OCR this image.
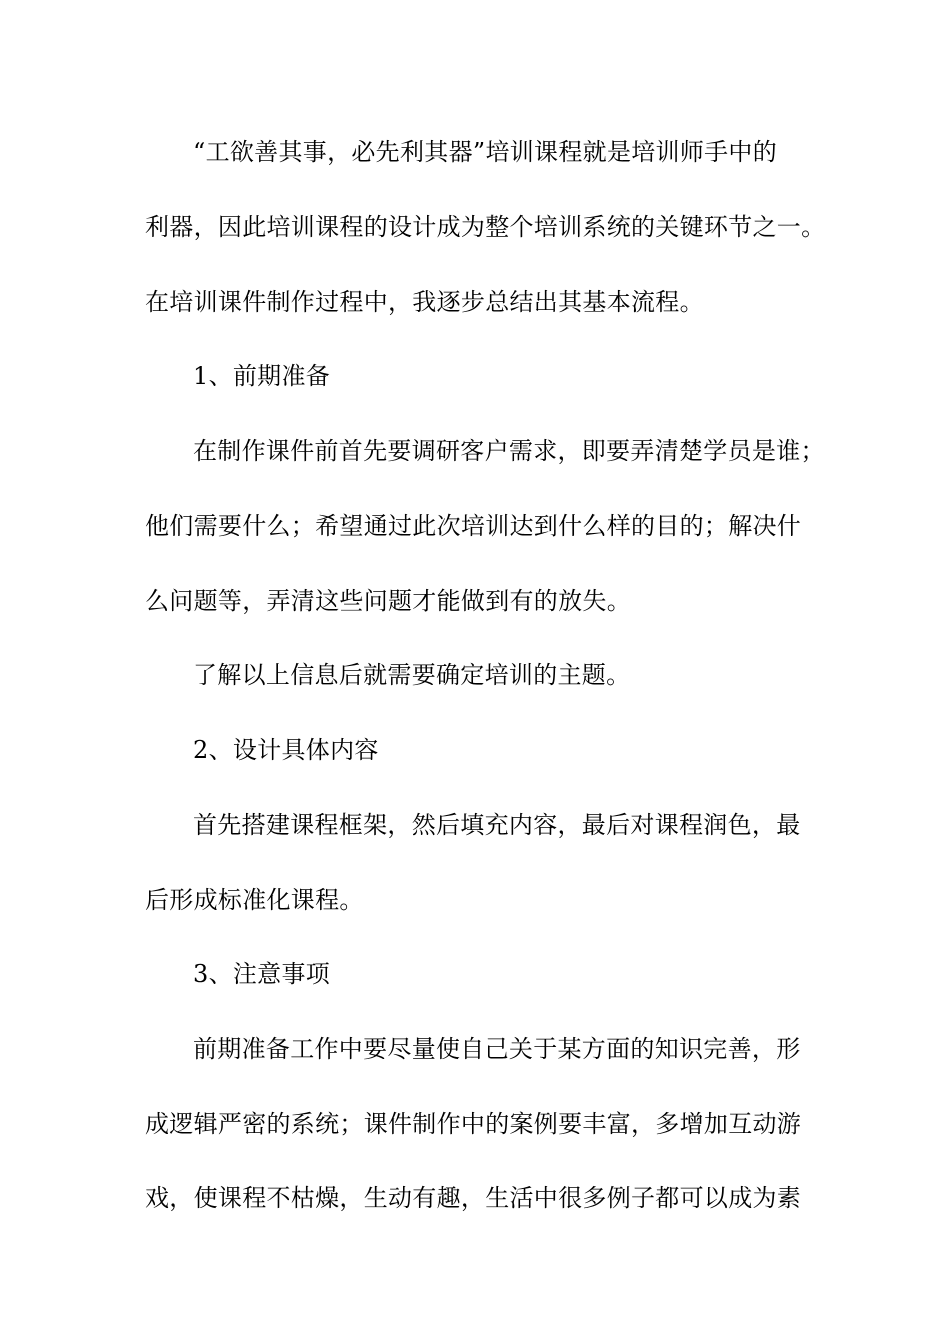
“工欲善其事，必先利其器”培训课程就是培训师手中的
利器，因此培训课程的设计成为整个培训系统的关键环节之一。
在培训课件制作过程中，我逐步总结出其基本流程。
1、前期准备
在制作课件前首先要调研客户需求，即要弄清楚学员是谁；
他们需要什么；希望通过此次培训达到什么样的目的；解决什
么问题等，弄清这些问题才能做到有的放失。
了解以上信息后就需要确定培训的主题。
2、设计具体内容
首先搭建课程框架，然后填充内容，最后对课程润色，最
后形成标准化课程。
3、注意事项
前期准备工作中要尽量使自己关于某方面的知识完善，形
成逻辑严密的系统；课件制作中的案例要丰富，多增加互动游
戏，使课程不枯燥，生动有趣，生活中很多例子都可以成为素
